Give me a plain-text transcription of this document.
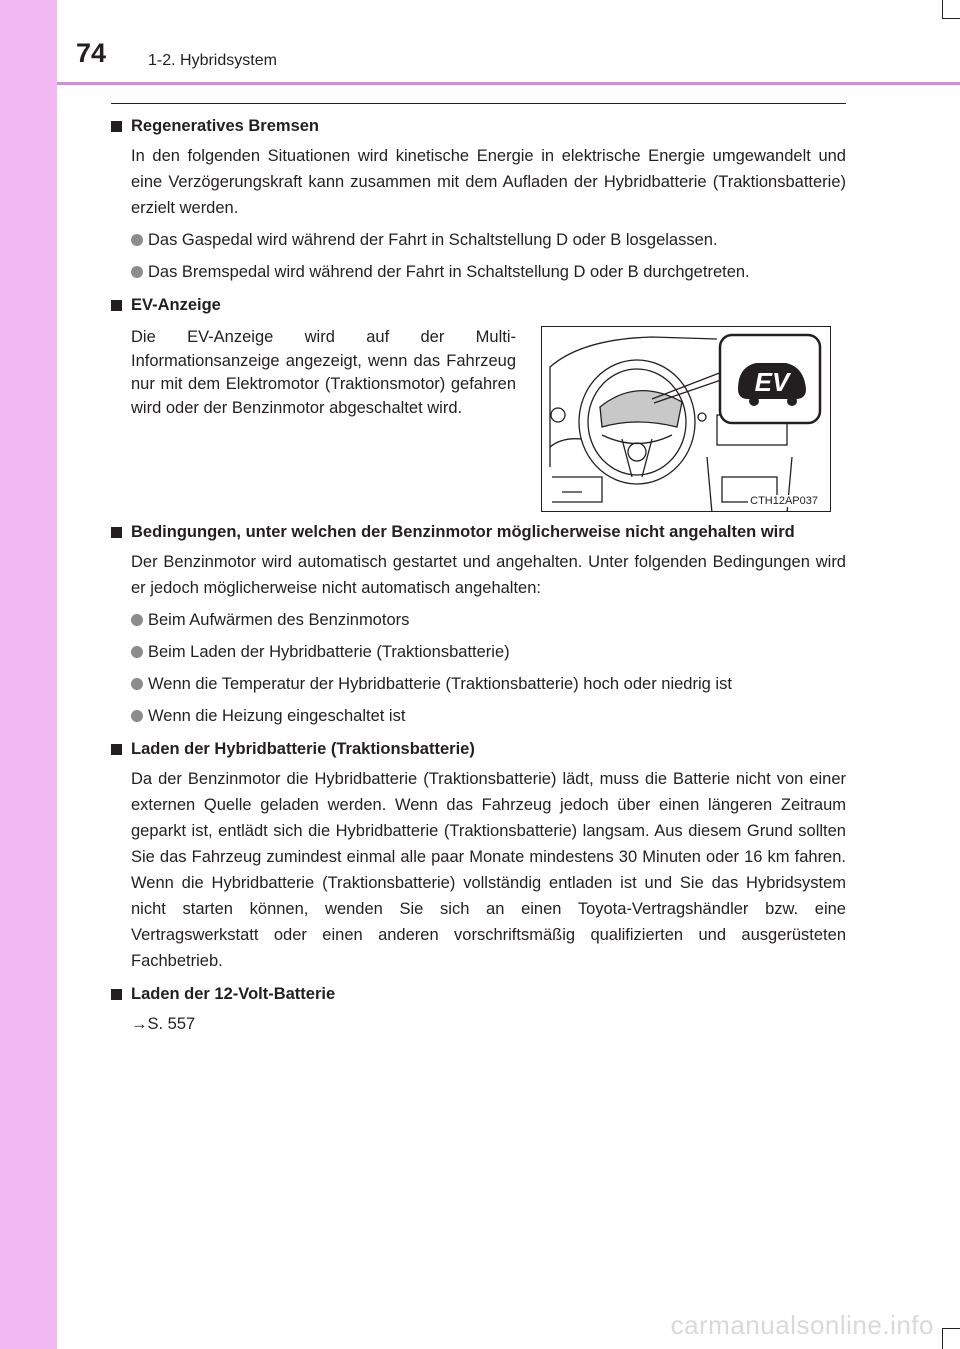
74	1-2. Hybridsystem
Regeneratives Bremsen
In den folgenden Situationen wird kinetische Energie in elektrische Energie umgewandelt und eine Verzögerungskraft kann zusammen mit dem Aufladen der Hybridbatterie (Traktionsbatterie) erzielt werden.
Das Gaspedal wird während der Fahrt in Schaltstellung D oder B losgelassen.
Das Bremspedal wird während der Fahrt in Schaltstellung D oder B durchgetreten.
EV-Anzeige
Die EV-Anzeige wird auf der Multi-Informationsanzeige angezeigt, wenn das Fahrzeug nur mit dem Elektromotor (Traktionsmotor) gefahren wird oder der Benzinmotor abgeschaltet wird.
EV
CTH12AP037
Bedingungen, unter welchen der Benzinmotor möglicherweise nicht angehalten wird
Der Benzinmotor wird automatisch gestartet und angehalten. Unter folgenden Bedingungen wird er jedoch möglicherweise nicht automatisch angehalten:
Beim Aufwärmen des Benzinmotors
Beim Laden der Hybridbatterie (Traktionsbatterie)
Wenn die Temperatur der Hybridbatterie (Traktionsbatterie) hoch oder niedrig ist
Wenn die Heizung eingeschaltet ist
Laden der Hybridbatterie (Traktionsbatterie)
Da der Benzinmotor die Hybridbatterie (Traktionsbatterie) lädt, muss die Batterie nicht von einer externen Quelle geladen werden. Wenn das Fahrzeug jedoch über einen längeren Zeitraum geparkt ist, entlädt sich die Hybridbatterie (Traktionsbatterie) langsam. Aus diesem Grund sollten Sie das Fahrzeug zumindest einmal alle paar Monate mindestens 30 Minuten oder 16 km fahren. Wenn die Hybridbatterie (Traktionsbatterie) vollständig entladen ist und Sie das Hybridsystem nicht starten können, wenden Sie sich an einen Toyota-Vertragshändler bzw. eine Vertragswerkstatt oder einen anderen vorschriftsmäßig qualifizierten und ausgerüsteten Fachbetrieb.
Laden der 12-Volt-Batterie
→S. 557
carmanualsonline.info
